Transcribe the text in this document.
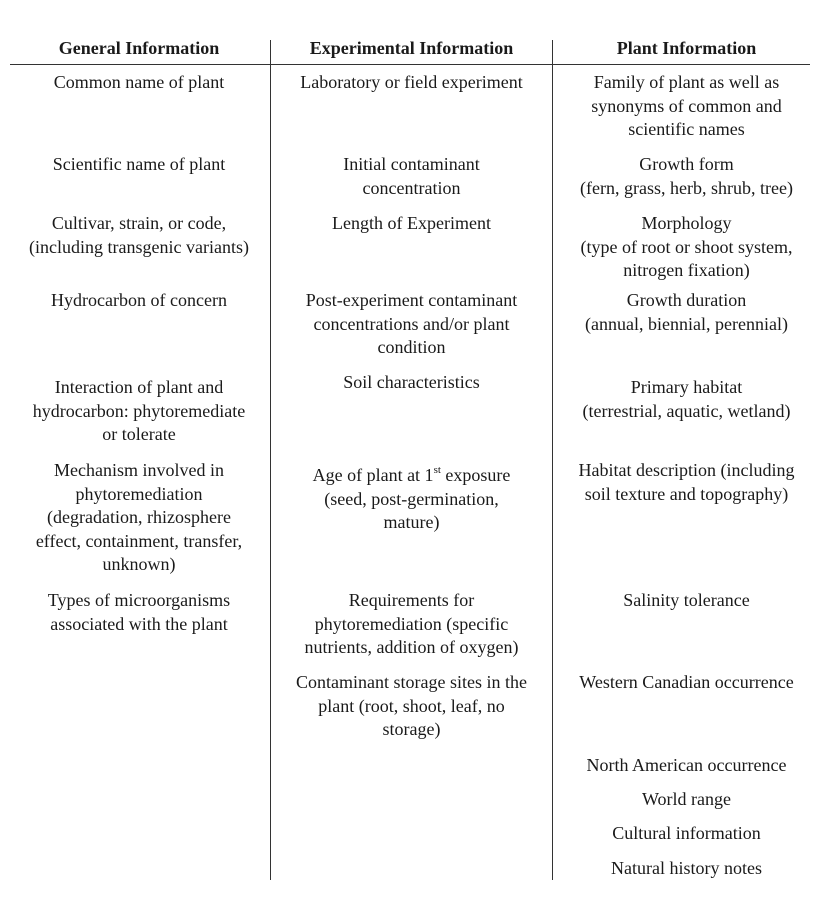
General Information
Common name of plant
Scientific name of plant
Cultivar, strain, or code,
(including transgenic variants)
Hydrocarbon of concern
Interaction of plant and
hydrocarbon: phytoremediate
or tolerate
Mechanism involved in
phytoremediation
(degradation, rhizosphere
effect, containment, transfer,
unknown)
Types of microorganisms
associated with the plant
Experimental Information
Laboratory or field experiment
Initial contaminant
concentration
Length of Experiment
Post-experiment contaminant
concentrations and/or plant
condition
Soil characteristics
Age of plant at 1st exposure
(seed, post-germination,
mature)
Requirements for
phytoremediation (specific
nutrients, addition of oxygen)
Contaminant storage sites in the
plant (root, shoot, leaf, no
storage)
Plant Information
Family of plant as well as
synonyms of common and
scientific names
Growth form
(fern, grass, herb, shrub, tree)
Morphology
(type of root or shoot system,
nitrogen fixation)
Growth duration
(annual, biennial, perennial)
Primary habitat
(terrestrial, aquatic, wetland)
Habitat description (including
soil texture and topography)
Salinity tolerance
Western Canadian occurrence
North American occurrence
World range
Cultural information
Natural history notes
